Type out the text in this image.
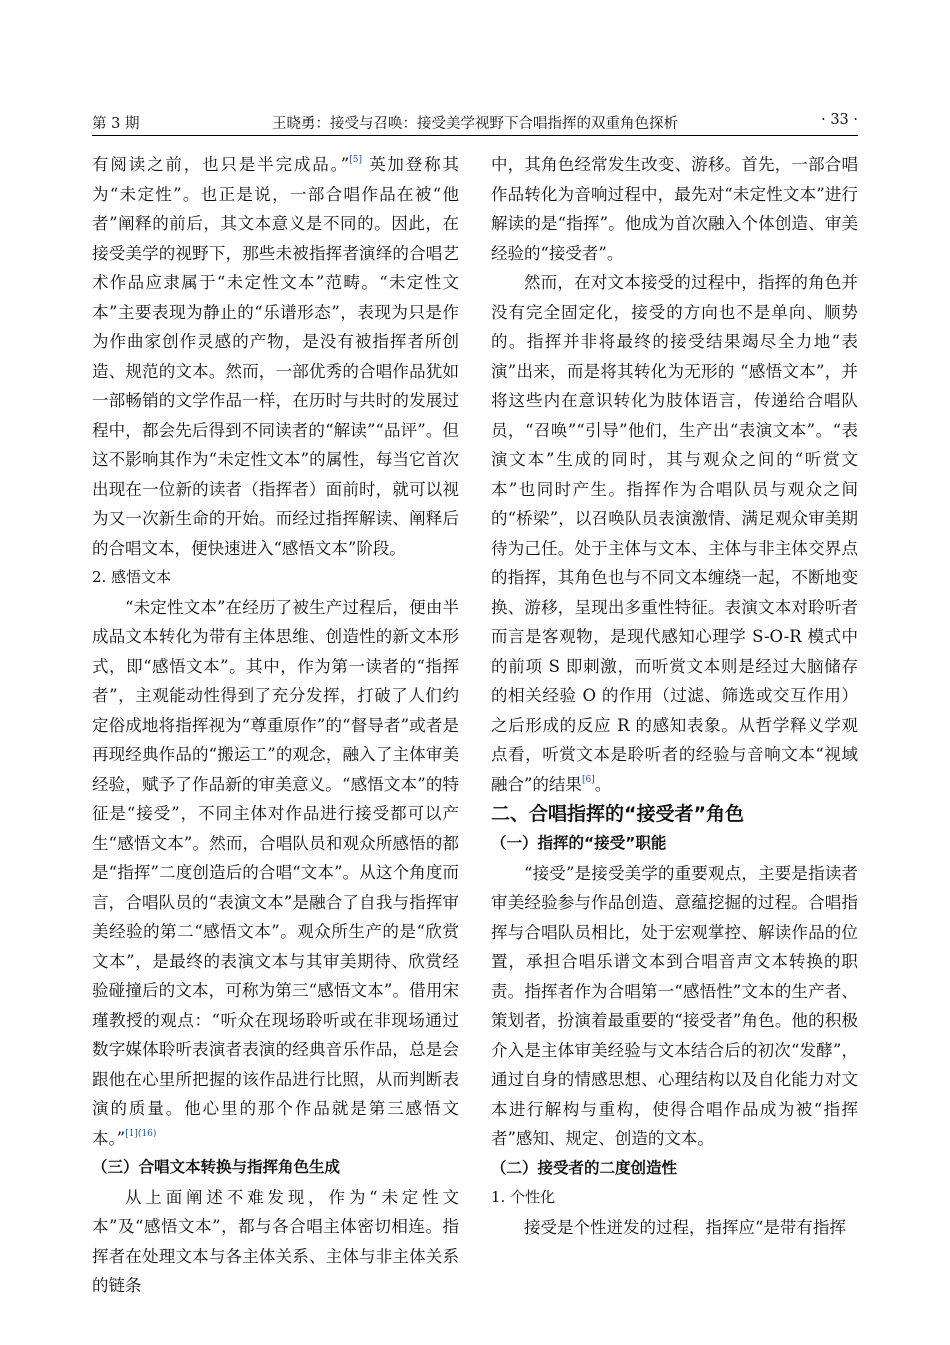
第 3 期	王晓勇：接受与召唤：接受美学视野下合唱指挥的双重角色探析	· 33 ·

有阅读之前，也只是半完成品。”[5] 英加登称其为“未定性”。也正是说，一部合唱作品在被“他者”阐释的前后，其文本意义是不同的。因此，在接受美学的视野下，那些未被指挥者演绎的合唱艺术作品应隶属于“未定性文本”范畴。“未定性文本”主要表现为静止的“乐谱形态”，表现为只是作为作曲家创作灵感的产物，是没有被指挥者所创造、规范的文本。然而，一部优秀的合唱作品犹如一部畅销的文学作品一样，在历时与共时的发展过程中，都会先后得到不同读者的“解读”“品评”。但这不影响其作为“未定性文本”的属性，每当它首次出现在一位新的读者（指挥者）面前时，就可以视为又一次新生命的开始。而经过指挥解读、阐释后的合唱文本，便快速进入“感悟文本”阶段。

2. 感悟文本

“未定性文本”在经历了被生产过程后，便由半成品文本转化为带有主体思维、创造性的新文本形式，即“感悟文本”。其中，作为第一读者的“指挥者”，主观能动性得到了充分发挥，打破了人们约定俗成地将指挥视为“尊重原作”的“督导者”或者是再现经典作品的“搬运工”的观念，融入了主体审美经验，赋予了作品新的审美意义。“感悟文本”的特征是“接受”，不同主体对作品进行接受都可以产生“感悟文本”。然而，合唱队员和观众所感悟的都是“指挥”二度创造后的合唱“文本”。从这个角度而言，合唱队员的“表演文本”是融合了自我与指挥审美经验的第二“感悟文本”。观众所生产的是“欣赏文本”，是最终的表演文本与其审美期待、欣赏经验碰撞后的文本，可称为第三“感悟文本”。借用宋瑾教授的观点：“听众在现场聆听或在非现场通过数字媒体聆听表演者表演的经典音乐作品，总是会跟他在心里所把握的该作品进行比照，从而判断表演的质量。他心里的那个作品就是第三感悟文本。”$^{[1](16)}$

（三）合唱文本转换与指挥角色生成

从上面阐述不难发现，作为“未定性文本”及“感悟文本”，都与各合唱主体密切相连。指挥者在处理文本与各主体关系、主体与非主体关系的链条

中，其角色经常发生改变、游移。首先，一部合唱作品转化为音响过程中，最先对“未定性文本”进行解读的是“指挥”。他成为首次融入个体创造、审美经验的“接受者”。

然而，在对文本接受的过程中，指挥的角色并没有完全固定化，接受的方向也不是单向、顺势的。指挥并非将最终的接受结果竭尽全力地“表演”出来，而是将其转化为无形的 “感悟文本”，并将这些内在意识转化为肢体语言，传递给合唱队员，“召唤”“引导”他们，生产出“表演文本”。“表演文本”生成的同时，其与观众之间的“听赏文本”也同时产生。指挥作为合唱队员与观众之间的“桥梁”，以召唤队员表演激情、满足观众审美期待为己任。处于主体与文本、主体与非主体交界点的指挥，其角色也与不同文本缠绕一起，不断地变换、游移，呈现出多重性特征。表演文本对聆听者而言是客观物，是现代感知心理学 S-O-R 模式中的前项 S 即刺激，而听赏文本则是经过大脑储存的相关经验 O 的作用（过滤、筛选或交互作用）之后形成的反应 R 的感知表象。从哲学释义学观点看，听赏文本是聆听者的经验与音响文本“视域融合”的结果[6]。

二、合唱指挥的“接受者”角色

（一）指挥的“接受”职能

“接受”是接受美学的重要观点，主要是指读者审美经验参与作品创造、意蕴挖掘的过程。合唱指挥与合唱队员相比，处于宏观掌控、解读作品的位置，承担合唱乐谱文本到合唱音声文本转换的职责。指挥者作为合唱第一“感悟性”文本的生产者、策划者，扮演着最重要的“接受者”角色。他的积极介入是主体审美经验与文本结合后的初次“发酵”，通过自身的情感思想、心理结构以及自化能力对文本进行解构与重构，使得合唱作品成为被“指挥者”感知、规定、创造的文本。

（二）接受者的二度创造性

1. 个性化

接受是个性迸发的过程，指挥应“是带有指挥
